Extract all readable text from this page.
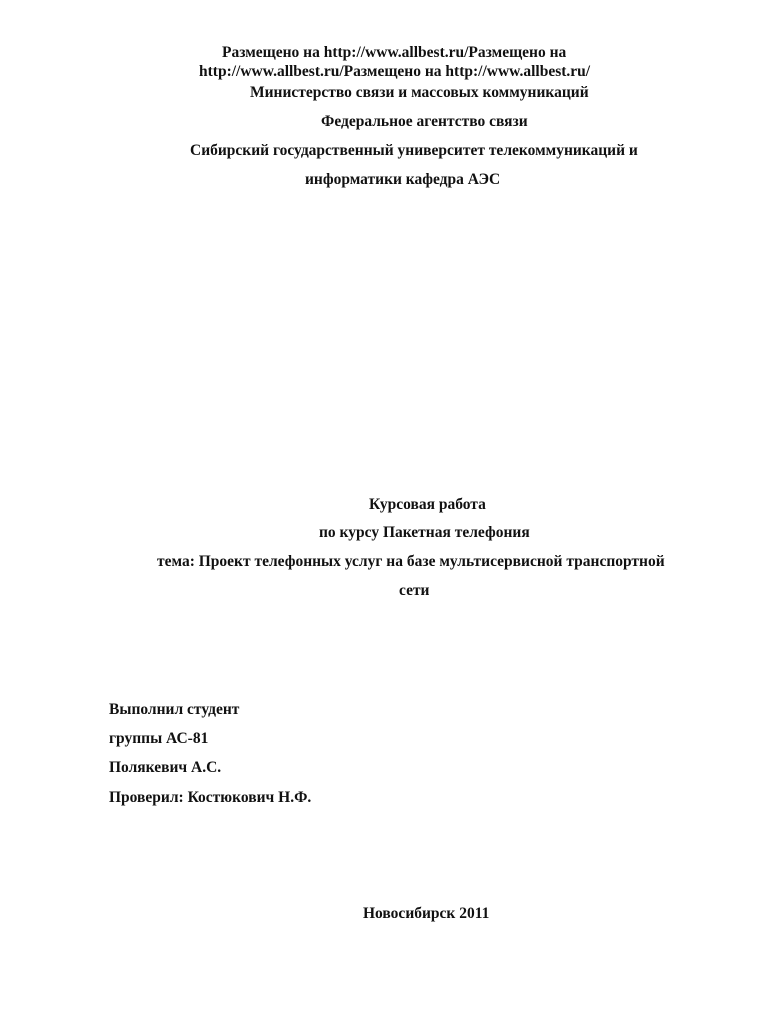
Размещено на http://www.allbest.ru/Размещено на
http://www.allbest.ru/Размещено на http://www.allbest.ru/
Министерство связи и массовых коммуникаций
Федеральное агентство связи
Сибирский государственный университет телекоммуникаций и
информатики кафедра АЭС
Курсовая работа
по курсу Пакетная телефония
тема: Проект телефонных услуг на базе мультисервисной транспортной
сети
Выполнил студент
группы АС-81
Полякевич А.С.
Проверил: Костюкович Н.Ф.
Новосибирск 2011
